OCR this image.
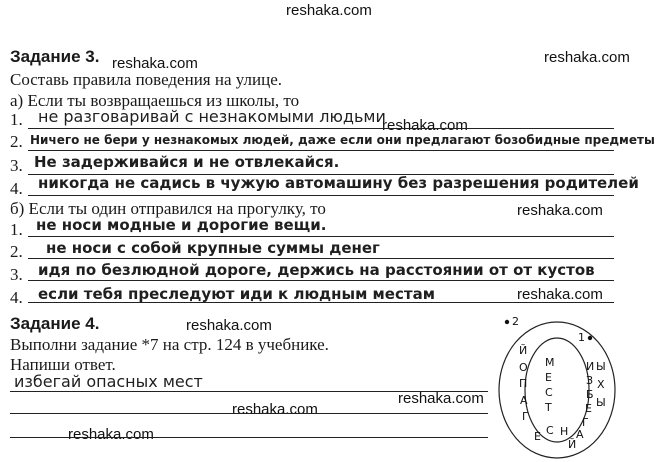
reshaka.com
reshaka.com	reshaka.com
reshaka.com
reshaka.com
reshaka.com
reshaka.com
reshaka.com
reshaka.com
reshaka.com
Задание 3.
Составь правила поведения на улице.
а) Если ты возвращаешься из школы, то
1. не разговаривай с незнакомыми людьми
2. Ничего не бери у незнакомых людей, даже если они предлагают бозобидные предметы
3. Не задерживайся и не отвлекайся.
4. никогда не садись в чужую автомашину без разрешения родителей
б) Если ты один отправился на прогулку, то
1. не носи модные и дорогие вещи.
2. не носи с собой крупные суммы денег
3. идя по безлюдной дороге, держись на расстоянии от от кустов
4. если тебя преследуют иди к людным местам
Задание 4.
Выполни задание *7 на стр. 124 в учебнике.
Напиши ответ.
избегай опасных мест
1
2
И
З
Б
Е
Г
А
Й
Ы
Х
Ы
Н
С
Е
Г
А
П
О
Й
М
Е
С
Т
